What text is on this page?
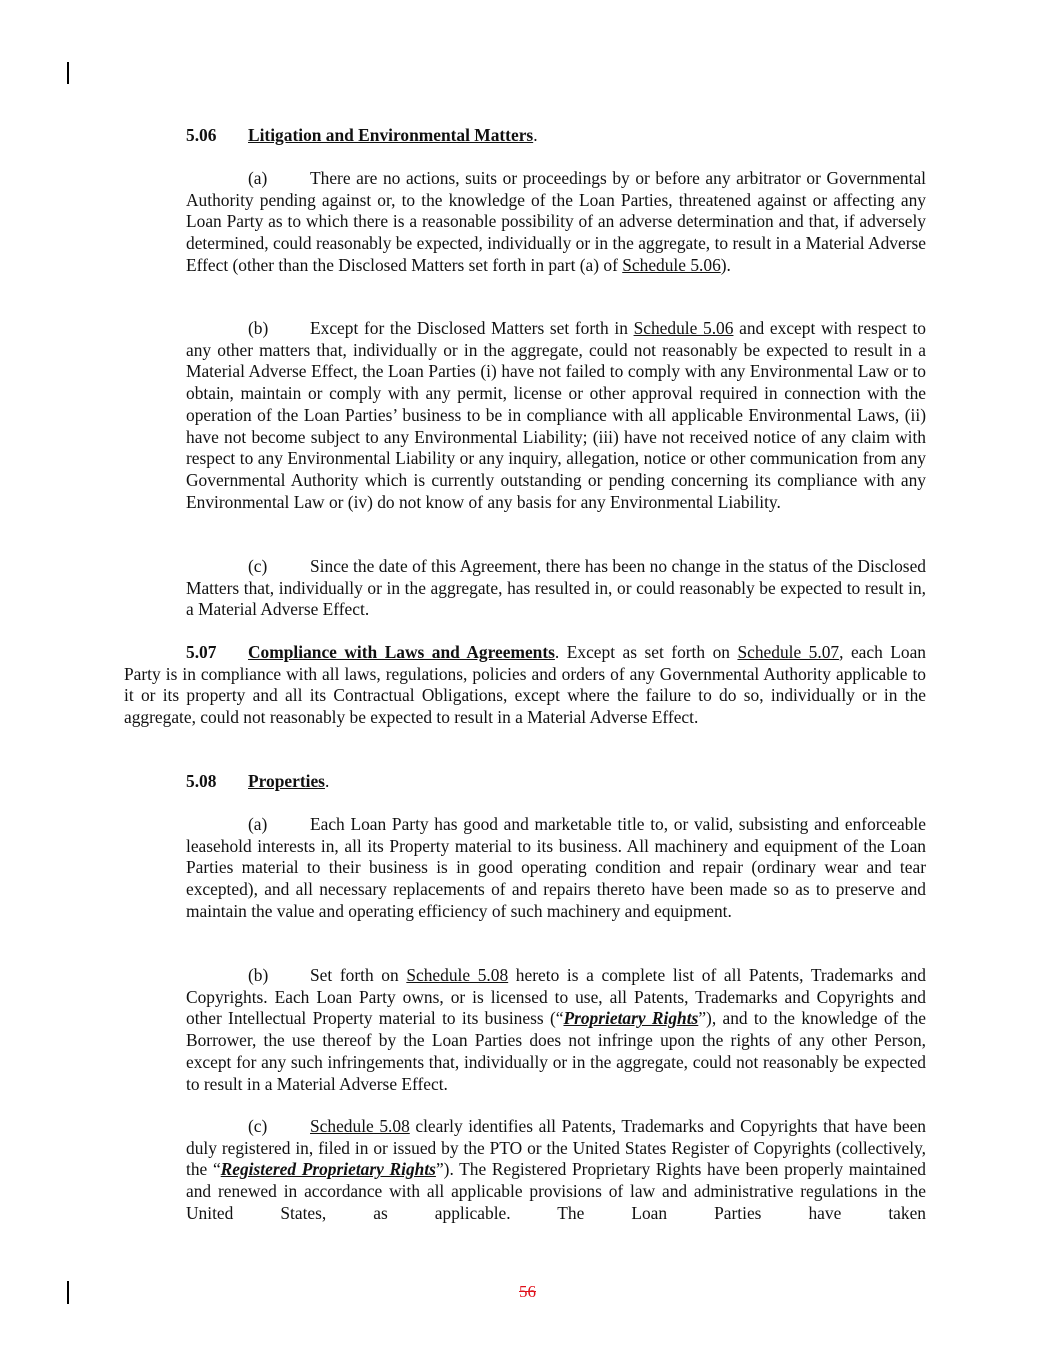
5.06 Litigation and Environmental Matters.

(a) There are no actions, suits or proceedings by or before any arbitrator or Governmental Authority pending against or, to the knowledge of the Loan Parties, threatened against or affecting any Loan Party as to which there is a reasonable possibility of an adverse determination and that, if adversely determined, could reasonably be expected, individually or in the aggregate, to result in a Material Adverse Effect (other than the Disclosed Matters set forth in part (a) of Schedule 5.06).

(b) Except for the Disclosed Matters set forth in Schedule 5.06 and except with respect to any other matters that, individually or in the aggregate, could not reasonably be expected to result in a Material Adverse Effect, the Loan Parties (i) have not failed to comply with any Environmental Law or to obtain, maintain or comply with any permit, license or other approval required in connection with the operation of the Loan Parties’ business to be in compliance with all applicable Environmental Laws, (ii) have not become subject to any Environmental Liability; (iii) have not received notice of any claim with respect to any Environmental Liability or any inquiry, allegation, notice or other communication from any Governmental Authority which is currently outstanding or pending concerning its compliance with any Environmental Law or (iv) do not know of any basis for any Environmental Liability.

(c) Since the date of this Agreement, there has been no change in the status of the Disclosed Matters that, individually or in the aggregate, has resulted in, or could reasonably be expected to result in, a Material Adverse Effect.

5.07 Compliance with Laws and Agreements. Except as set forth on Schedule 5.07, each Loan Party is in compliance with all laws, regulations, policies and orders of any Governmental Authority applicable to it or its property and all its Contractual Obligations, except where the failure to do so, individually or in the aggregate, could not reasonably be expected to result in a Material Adverse Effect.

5.08 Properties.

(a) Each Loan Party has good and marketable title to, or valid, subsisting and enforceable leasehold interests in, all its Property material to its business. All machinery and equipment of the Loan Parties material to their business is in good operating condition and repair (ordinary wear and tear excepted), and all necessary replacements of and repairs thereto have been made so as to preserve and maintain the value and operating efficiency of such machinery and equipment.

(b) Set forth on Schedule 5.08 hereto is a complete list of all Patents, Trademarks and Copyrights. Each Loan Party owns, or is licensed to use, all Patents, Trademarks and Copyrights and other Intellectual Property material to its business (“Proprietary Rights”), and to the knowledge of the Borrower, the use thereof by the Loan Parties does not infringe upon the rights of any other Person, except for any such infringements that, individually or in the aggregate, could not reasonably be expected to result in a Material Adverse Effect.

(c) Schedule 5.08 clearly identifies all Patents, Trademarks and Copyrights that have been duly registered in, filed in or issued by the PTO or the United States Register of Copyrights (collectively, the “Registered Proprietary Rights”). The Registered Proprietary Rights have been properly maintained and renewed in accordance with all applicable provisions of law and administrative regulations in the United States, as applicable. The Loan Parties have taken

56
